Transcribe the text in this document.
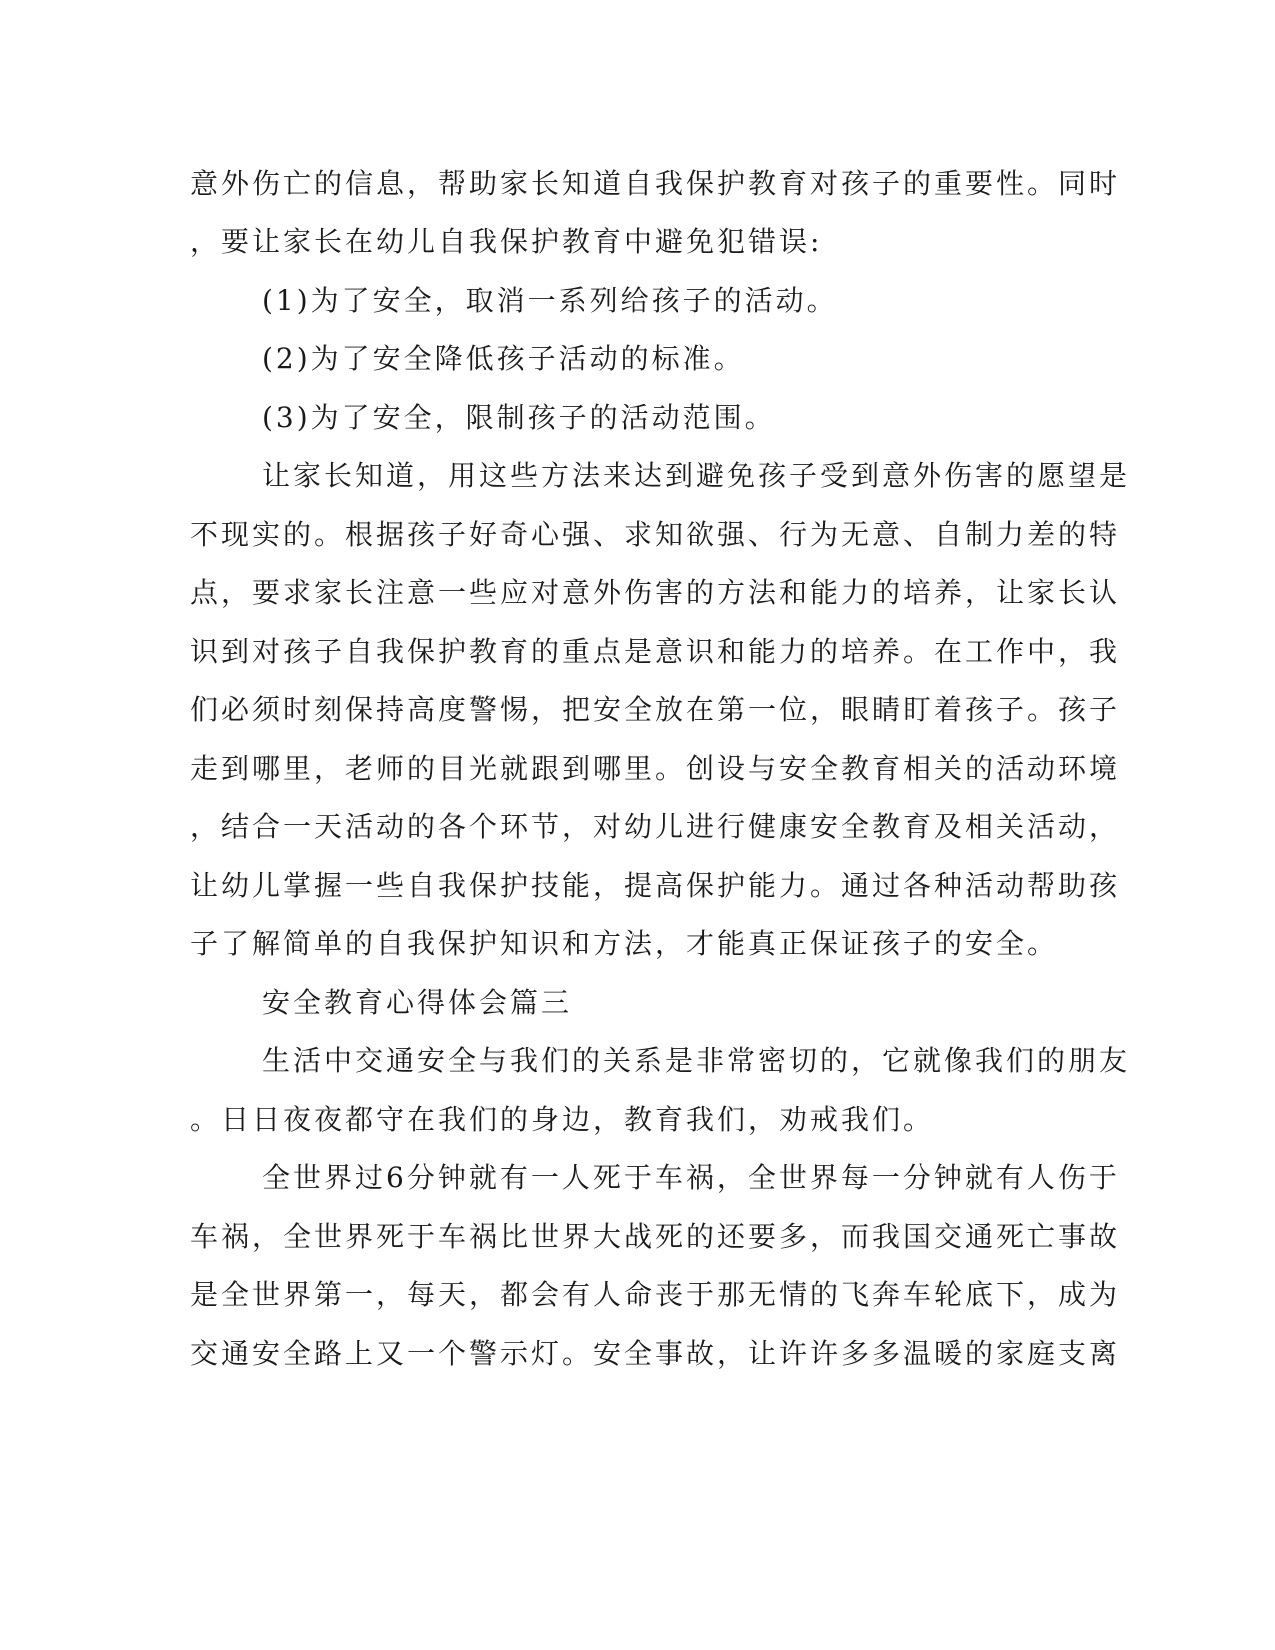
意外伤亡的信息，帮助家长知道自我保护教育对孩子的重要性。同时
，要让家长在幼儿自我保护教育中避免犯错误:
(1)为了安全，取消一系列给孩子的活动。
(2)为了安全降低孩子活动的标准。
(3)为了安全，限制孩子的活动范围。
让家长知道，用这些方法来达到避免孩子受到意外伤害的愿望是
不现实的。根据孩子好奇心强、求知欲强、行为无意、自制力差的特
点，要求家长注意一些应对意外伤害的方法和能力的培养，让家长认
识到对孩子自我保护教育的重点是意识和能力的培养。在工作中，我
们必须时刻保持高度警惕，把安全放在第一位，眼睛盯着孩子。孩子
走到哪里，老师的目光就跟到哪里。创设与安全教育相关的活动环境
，结合一天活动的各个环节，对幼儿进行健康安全教育及相关活动，
让幼儿掌握一些自我保护技能，提高保护能力。通过各种活动帮助孩
子了解简单的自我保护知识和方法，才能真正保证孩子的安全。
安全教育心得体会篇三
生活中交通安全与我们的关系是非常密切的，它就像我们的朋友
。日日夜夜都守在我们的身边，教育我们，劝戒我们。
全世界过6分钟就有一人死于车祸，全世界每一分钟就有人伤于
车祸，全世界死于车祸比世界大战死的还要多，而我国交通死亡事故
是全世界第一，每天，都会有人命丧于那无情的飞奔车轮底下，成为
交通安全路上又一个警示灯。安全事故，让许许多多温暖的家庭支离
